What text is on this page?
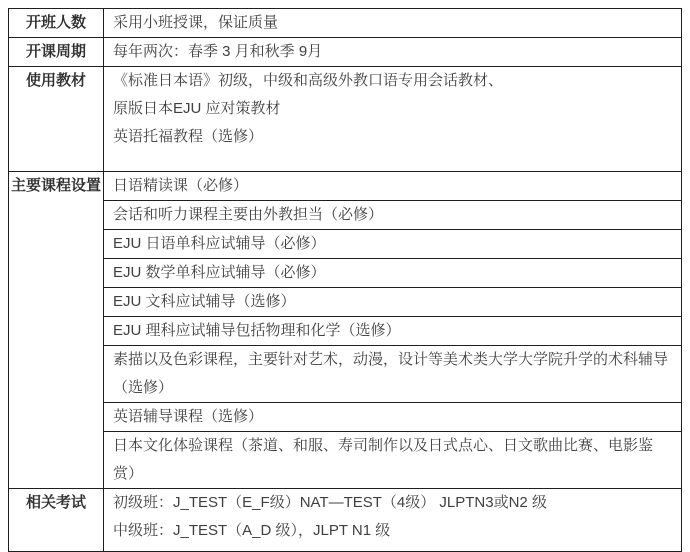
开班人数	采用小班授课，保证质量
开课周期	每年两次：春季 3 月和秋季 9月
使用教材	《标准日本语》初级，中级和高级外教口语专用会话教材、
原版日本EJU 应对策教材
英语托福教程（选修）

主要课程设置	日语精读课（必修）
	会话和听力课程主要由外教担当（必修）
	EJU 日语单科应试辅导（必修）
	EJU 数学单科应试辅导（必修）
	EJU 文科应试辅导（选修）
	EJU 理科应试辅导包括物理和化学（选修）
	素描以及色彩课程，主要针对艺术，动漫，设计等美术类大学大学院升学的术科辅导（选修）
	英语辅导课程（选修）
	日本文化体验课程（茶道、和服、寿司制作以及日式点心、日文歌曲比赛、电影鉴赏）
相关考试	初级班：J_TEST（E_F级）NAT—TEST（4级） JLPTN3或N2 级
中级班：J_TEST（A_D 级），JLPT N1 级
